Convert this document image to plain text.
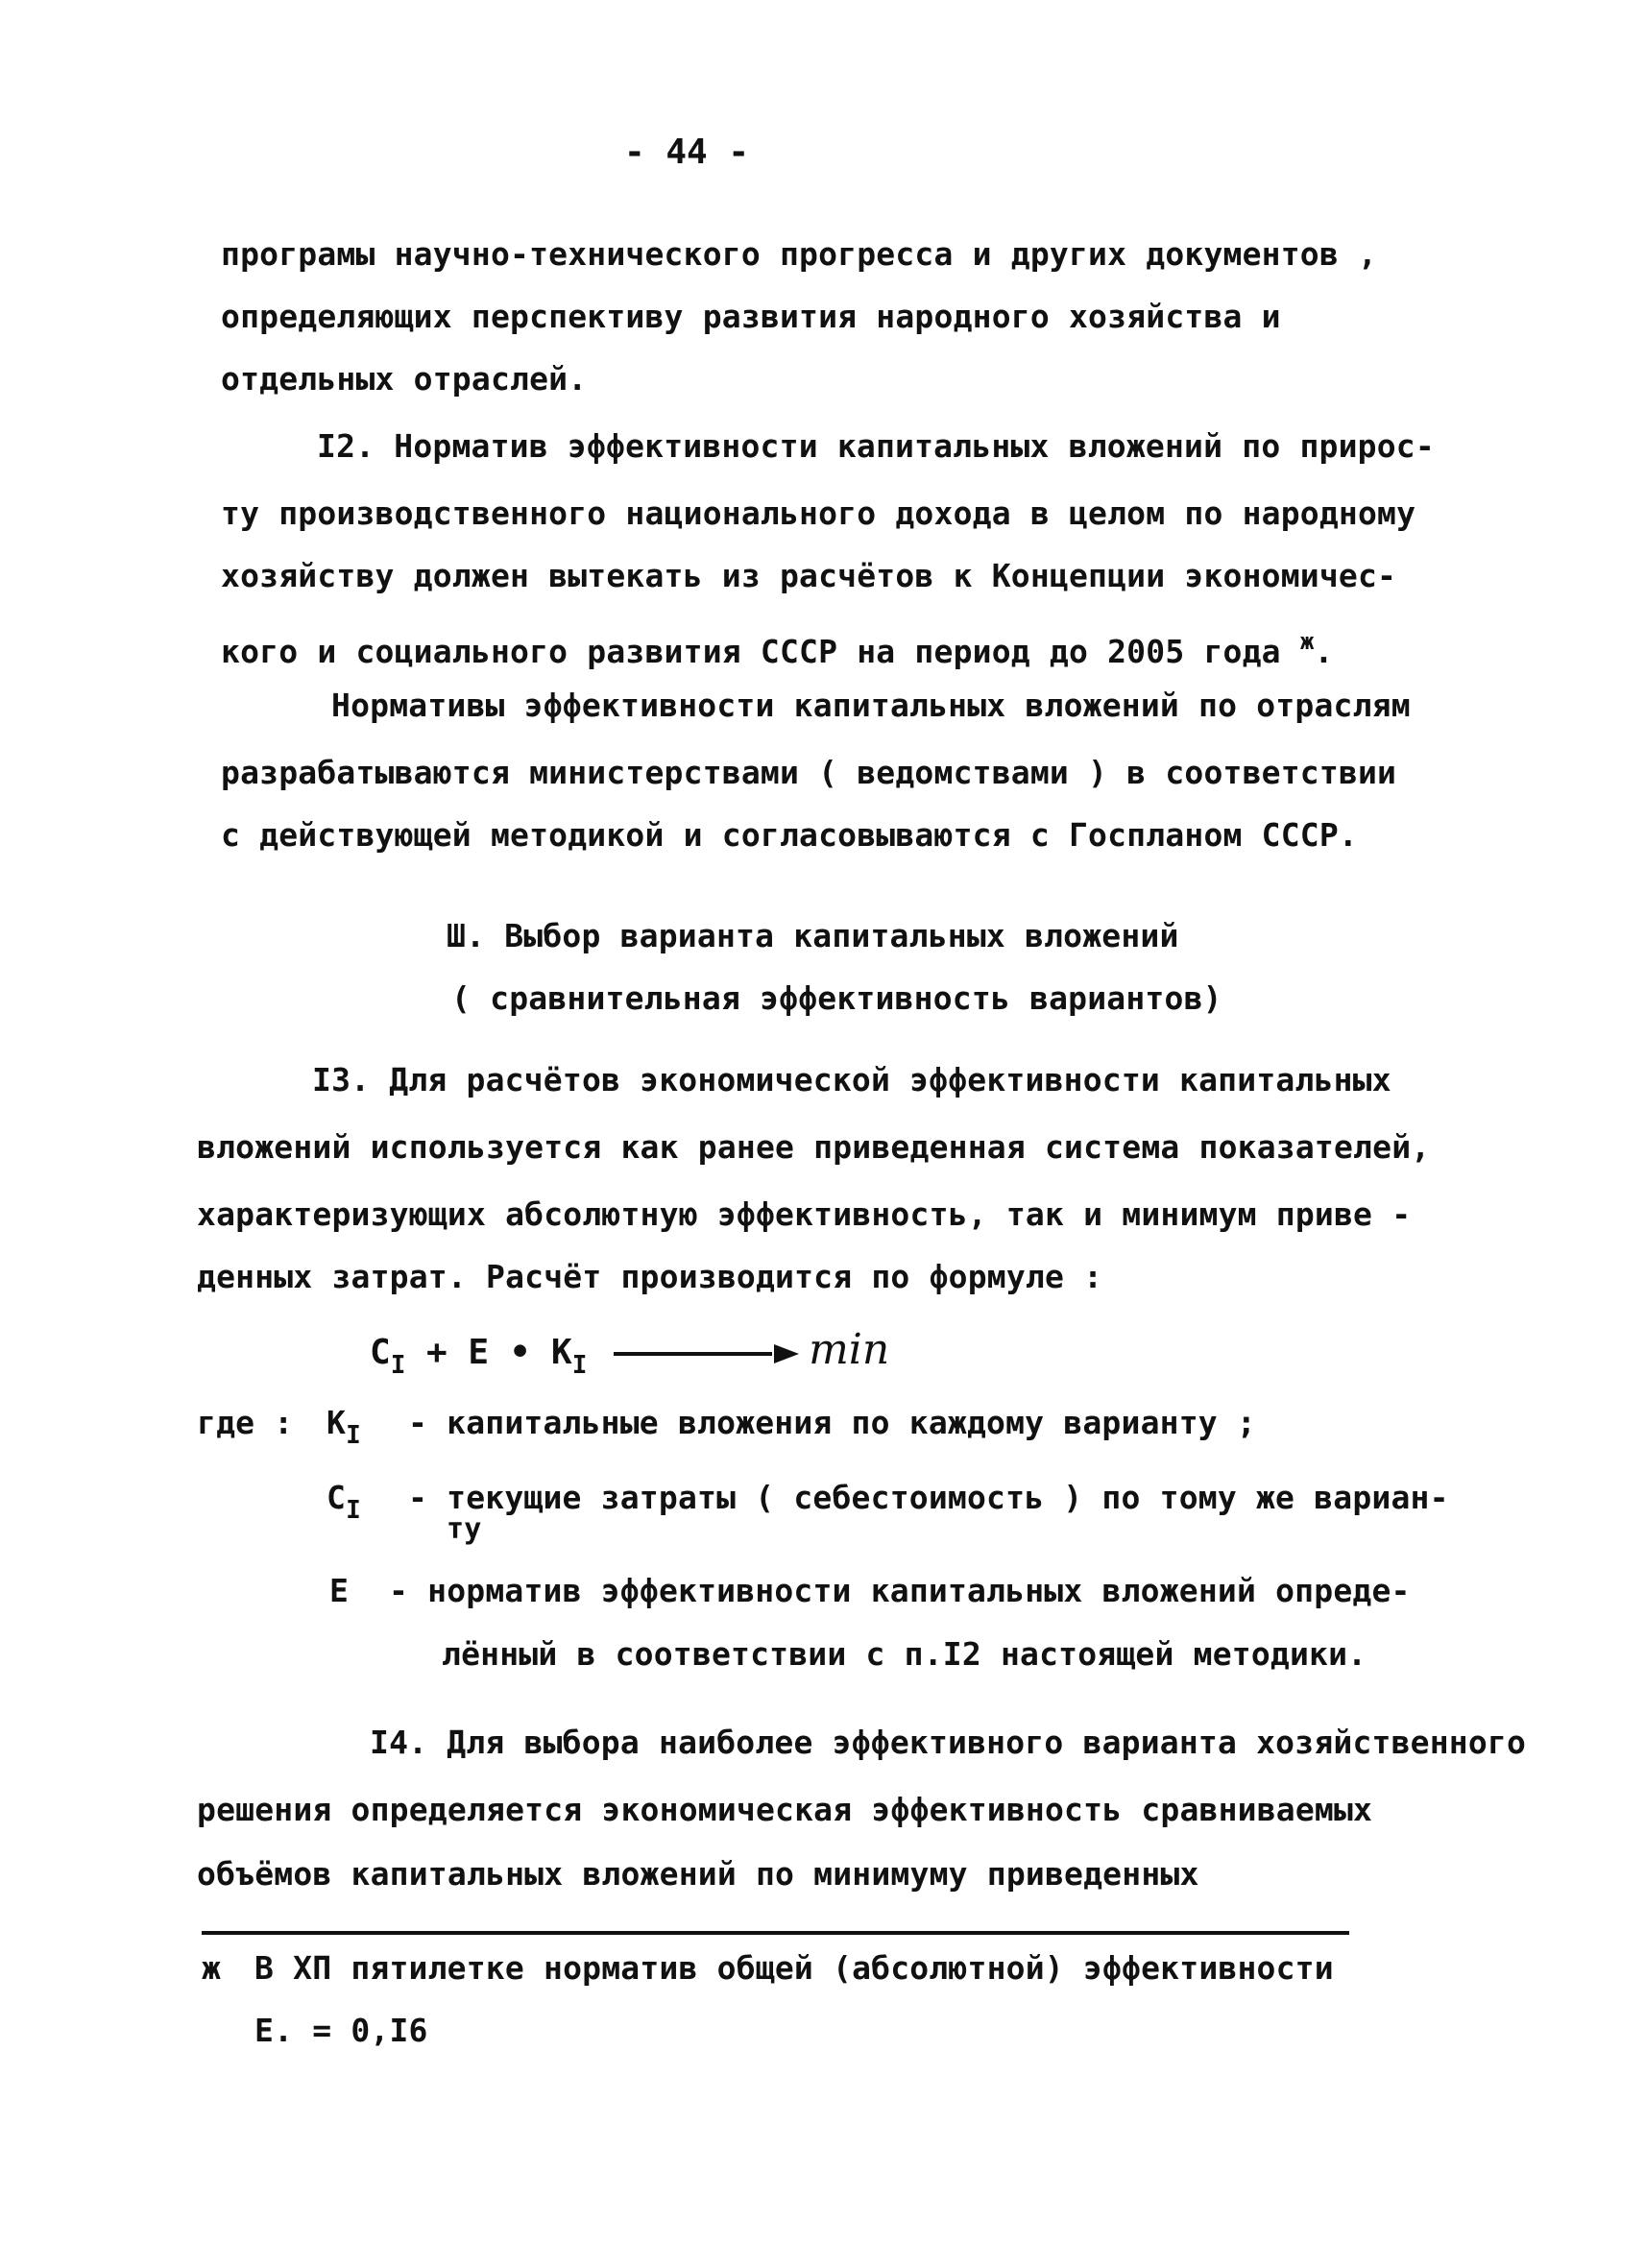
- 44 -
програмы научно-технического прогресса и других документов ,
определяющих перспективу развития народного хозяйства и
отдельных отраслей.
I2. Норматив эффективности капитальных вложений по прирос-
ту производственного национального дохода в целом по народному
хозяйству должен вытекать из расчётов к Концепции экономичес-
кого и социального развития СССР на период до 2005 года $^ж$.
Нормативы эффективности капитальных вложений по отраслям
разрабатываются министерствами ( ведомствами ) в соответствии
с действующей методикой и согласовываются с Госпланом СССР.
Ш. Выбор варианта капитальных вложений
( сравнительная эффективность вариантов)
I3. Для расчётов экономической эффективности капитальных
вложений используется как ранее приведенная система показателей,
характеризующих абсолютную эффективность, так и минимум приве -
денных затрат. Расчёт производится по формуле :
$С_I + Е$ • $К_I$	min
где : $К_I$ - капитальные вложения по каждому варианту ;
$С_I$ - текущие затраты ( себестоимость ) по тому же вариан-
ту
Е - норматив эффективности капитальных вложений опреде-
лённый в соответствии с п.I2 настоящей методики.
I4. Для выбора наиболее эффективного варианта хозяйственного
решения определяется экономическая эффективность сравниваемых
объёмов капитальных вложений по минимуму приведенных
ж В ХП пятилетке норматив общей (абсолютной) эффективности
Е. = 0,I6
